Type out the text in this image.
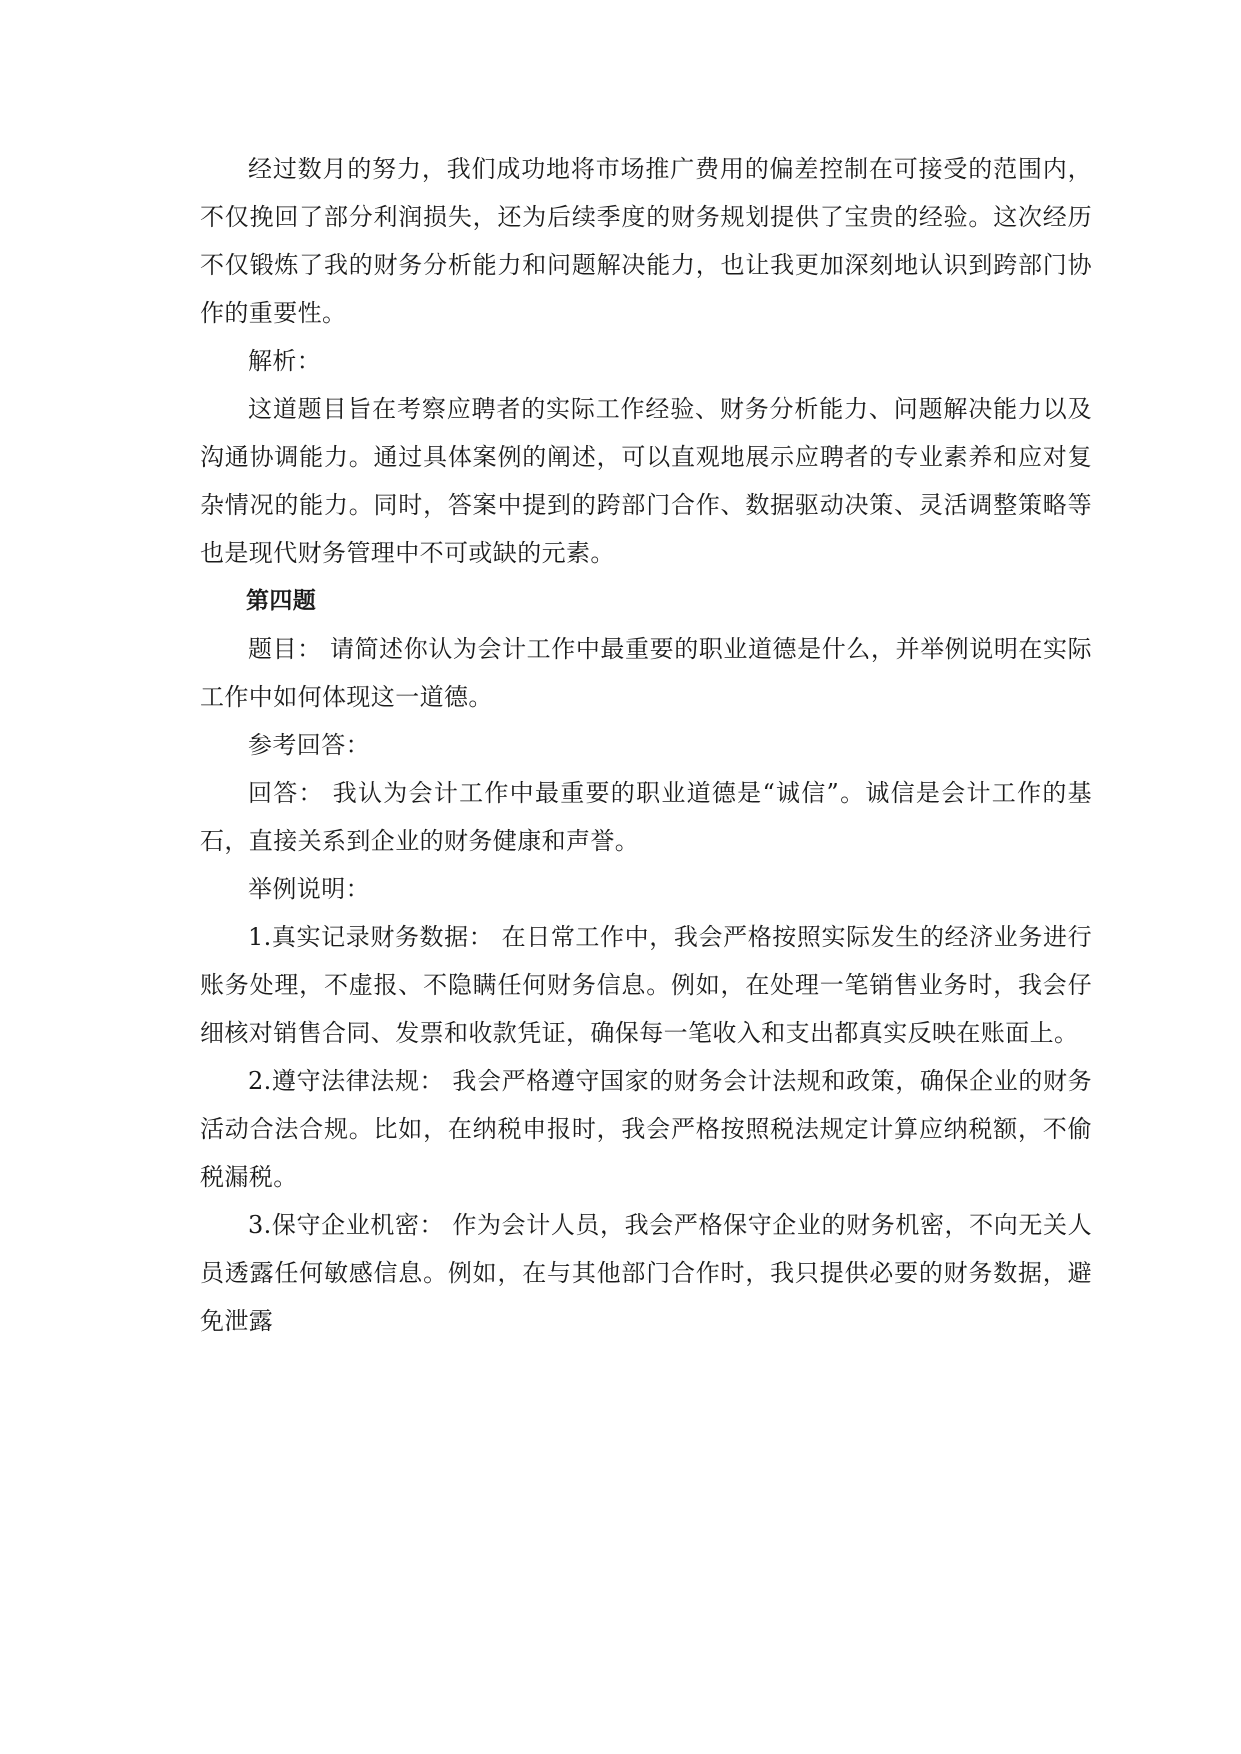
经过数月的努力，我们成功地将市场推广费用的偏差控制在可接受的范围内，不仅挽回了部分利润损失，还为后续季度的财务规划提供了宝贵的经验。这次经历不仅锻炼了我的财务分析能力和问题解决能力，也让我更加深刻地认识到跨部门协作的重要性。

解析：

这道题目旨在考察应聘者的实际工作经验、财务分析能力、问题解决能力以及沟通协调能力。通过具体案例的阐述，可以直观地展示应聘者的专业素养和应对复杂情况的能力。同时，答案中提到的跨部门合作、数据驱动决策、灵活调整策略等也是现代财务管理中不可或缺的元素。

第四题

题目： 请简述你认为会计工作中最重要的职业道德是什么，并举例说明在实际工作中如何体现这一道德。

参考回答：

回答： 我认为会计工作中最重要的职业道德是“诚信”。诚信是会计工作的基石，直接关系到企业的财务健康和声誉。

举例说明：

1.真实记录财务数据： 在日常工作中，我会严格按照实际发生的经济业务进行账务处理，不虚报、不隐瞒任何财务信息。例如，在处理一笔销售业务时，我会仔细核对销售合同、发票和收款凭证，确保每一笔收入和支出都真实反映在账面上。

2.遵守法律法规： 我会严格遵守国家的财务会计法规和政策，确保企业的财务活动合法合规。比如，在纳税申报时，我会严格按照税法规定计算应纳税额，不偷税漏税。

3.保守企业机密： 作为会计人员，我会严格保守企业的财务机密，不向无关人员透露任何敏感信息。例如，在与其他部门合作时，我只提供必要的财务数据，避免泄露
